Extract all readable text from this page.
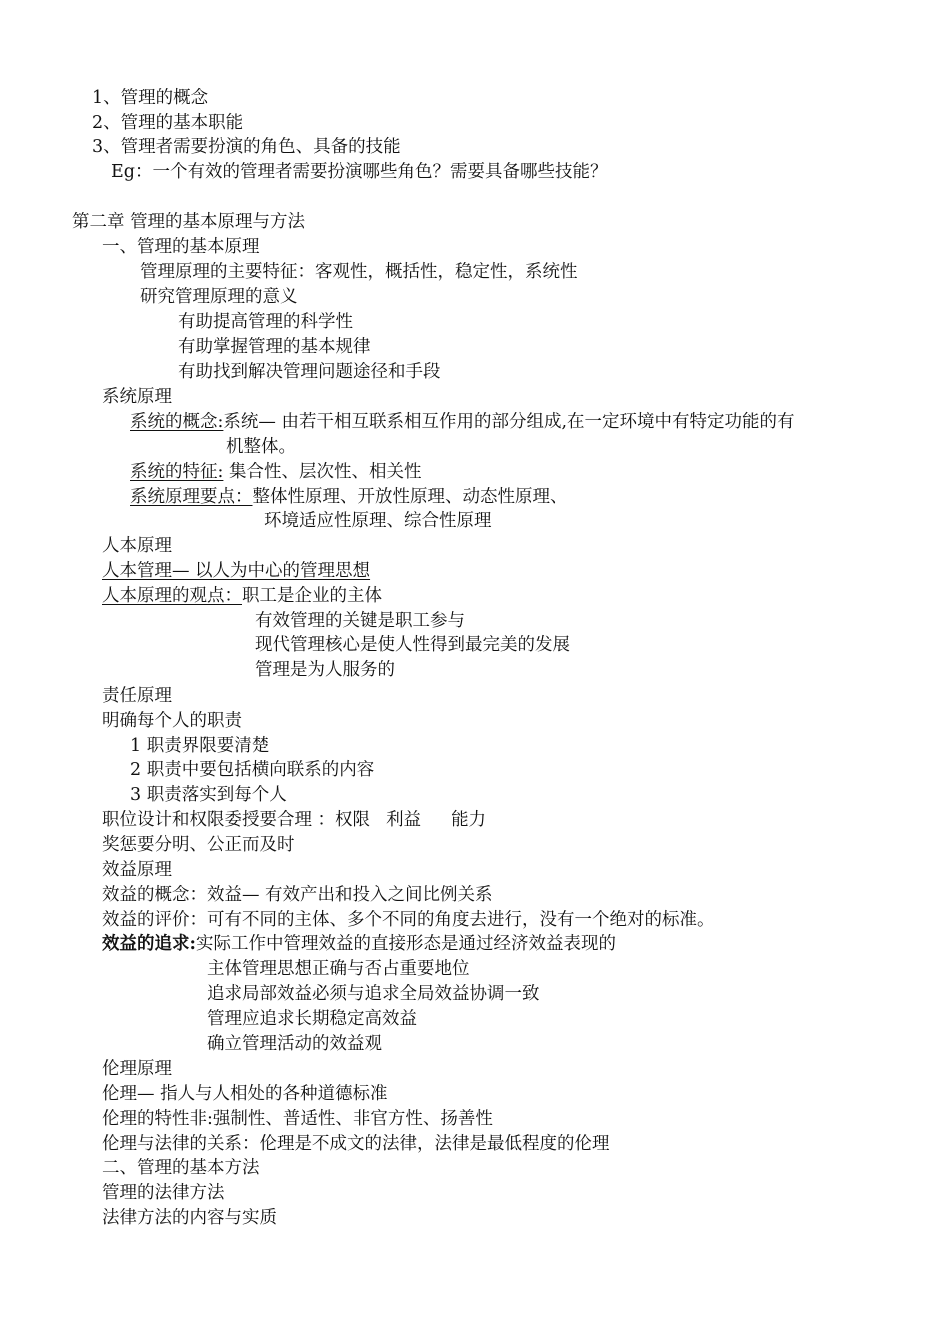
1、管理的概念
2、管理的基本职能
3、管理者需要扮演的角色、具备的技能
Eg：一个有效的管理者需要扮演哪些角色？需要具备哪些技能？
第二章 管理的基本原理与方法
一、管理的基本原理
管理原理的主要特征：客观性，概括性，稳定性，系统性
研究管理原理的意义
有助提高管理的科学性
有助掌握管理的基本规律
有助找到解决管理问题途径和手段
系统原理
系统的概念:系统— 由若干相互联系相互作用的部分组成,在一定环境中有特定功能的有
机整体。
系统的特征: 集合性、层次性、相关性
系统原理要点：整体性原理、开放性原理、动态性原理、
环境适应性原理、综合性原理
人本原理
人本管理— 以人为中心的管理思想
人本原理的观点：职工是企业的主体
有效管理的关键是职工参与
现代管理核心是使人性得到最完美的发展
管理是为人服务的
责任原理
明确每个人的职责
1 职责界限要清楚
2 职责中要包括横向联系的内容
3 职责落实到每个人
职位设计和权限委授要合理 ：权限 利益 能力
奖惩要分明、公正而及时
效益原理
效益的概念：效益— 有效产出和投入之间比例关系
效益的评价：可有不同的主体、多个不同的角度去进行，没有一个绝对的标准。
效益的追求:实际工作中管理效益的直接形态是通过经济效益表现的
主体管理思想正确与否占重要地位
追求局部效益必须与追求全局效益协调一致
管理应追求长期稳定高效益
确立管理活动的效益观
伦理原理
伦理— 指人与人相处的各种道德标准
伦理的特性非:强制性、普适性、非官方性、扬善性
伦理与法律的关系：伦理是不成文的法律，法律是最低程度的伦理
二、管理的基本方法
管理的法律方法
法律方法的内容与实质
